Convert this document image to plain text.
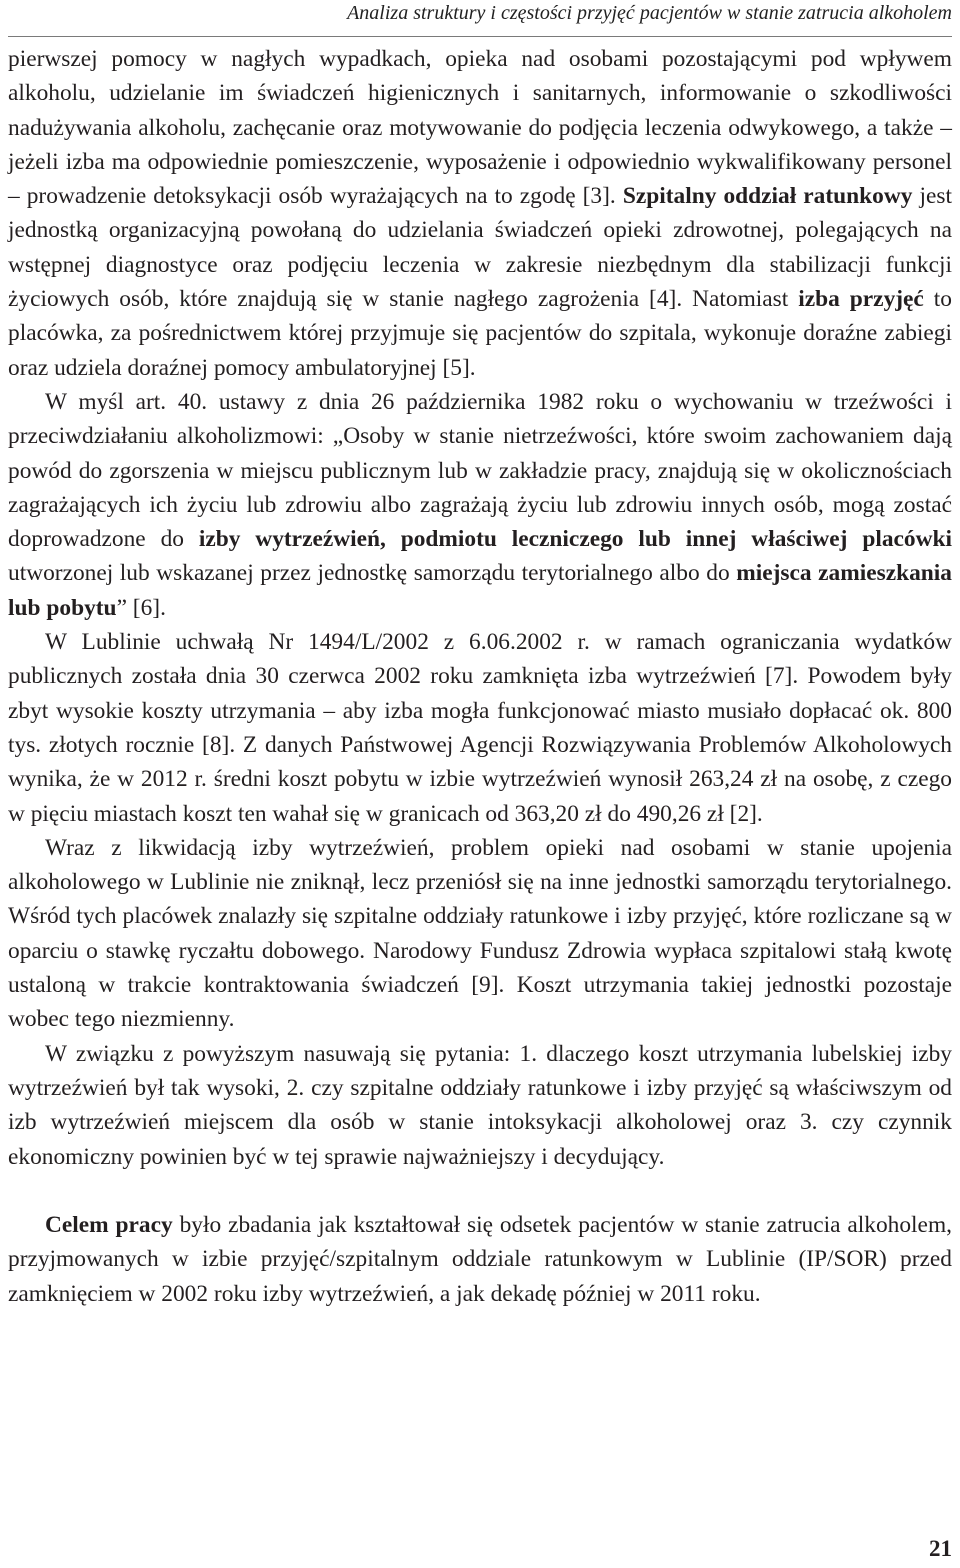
Analiza struktury i częstości przyjęć pacjentów w stanie zatrucia alkoholem

pierwszej pomocy w nagłych wypadkach, opieka nad osobami pozostającymi pod wpływem alkoholu, udzielanie im świadczeń higienicznych i sanitarnych, informowanie o szkodliwości nadużywania alkoholu, zachęcanie oraz motywowanie do podjęcia leczenia odwykowego, a także – jeżeli izba ma odpowiednie pomieszczenie, wyposażenie i odpowiednio wykwalifikowany personel – prowadzenie detoksykacji osób wyrażających na to zgodę [3]. Szpitalny oddział ratunkowy jest jednostką organizacyjną powołaną do udzielania świadczeń opieki zdrowotnej, polegających na wstępnej diagnostyce oraz podjęciu leczenia w zakresie niezbędnym dla stabilizacji funkcji życiowych osób, które znajdują się w stanie nagłego zagrożenia [4]. Natomiast izba przyjęć to placówka, za pośrednictwem której przyjmuje się pacjentów do szpitala, wykonuje doraźne zabiegi oraz udziela doraźnej pomocy ambulatoryjnej [5].

W myśl art. 40. ustawy z dnia 26 października 1982 roku o wychowaniu w trzeźwości i przeciwdziałaniu alkoholizmowi: „Osoby w stanie nietrzeźwości, które swoim zachowaniem dają powód do zgorszenia w miejscu publicznym lub w zakładzie pracy, znajdują się w okolicznościach zagrażających ich życiu lub zdrowiu albo zagrażają życiu lub zdrowiu innych osób, mogą zostać doprowadzone do izby wytrzeźwień, podmiotu leczniczego lub innej właściwej placówki utworzonej lub wskazanej przez jednostkę samorządu terytorialnego albo do miejsca zamieszkania lub pobytu” [6].

W Lublinie uchwałą Nr 1494/L/2002 z 6.06.2002 r. w ramach ograniczania wydatków publicznych została dnia 30 czerwca 2002 roku zamknięta izba wytrzeźwień [7]. Powodem były zbyt wysokie koszty utrzymania – aby izba mogła funkcjonować miasto musiało dopłacać ok. 800 tys. złotych rocznie [8]. Z danych Państwowej Agencji Rozwiązywania Problemów Alkoholowych wynika, że w 2012 r. średni koszt pobytu w izbie wytrzeźwień wynosił 263,24 zł na osobę, z czego w pięciu miastach koszt ten wahał się w granicach od 363,20 zł do 490,26 zł [2].

Wraz z likwidacją izby wytrzeźwień, problem opieki nad osobami w stanie upojenia alkoholowego w Lublinie nie zniknął, lecz przeniósł się na inne jednostki samorządu terytorialnego. Wśród tych placówek znalazły się szpitalne oddziały ratunkowe i izby przyjęć, które rozliczane są w oparciu o stawkę ryczałtu dobowego. Narodowy Fundusz Zdrowia wypłaca szpitalowi stałą kwotę ustaloną w trakcie kontraktowania świadczeń [9]. Koszt utrzymania takiej jednostki pozostaje wobec tego niezmienny.

W związku z powyższym nasuwają się pytania: 1. dlaczego koszt utrzymania lubelskiej izby wytrzeźwień był tak wysoki, 2. czy szpitalne oddziały ratunkowe i izby przyjęć są właściwszym od izb wytrzeźwień miejscem dla osób w stanie intoksykacji alkoholowej oraz 3. czy czynnik ekonomiczny powinien być w tej sprawie najważniejszy i decydujący.

Celem pracy było zbadania jak kształtował się odsetek pacjentów w stanie zatrucia alkoholem, przyjmowanych w izbie przyjęć/szpitalnym oddziale ratunkowym w Lublinie (IP/SOR) przed zamknięciem w 2002 roku izby wytrzeźwień, a jak dekadę później w 2011 roku.

21
